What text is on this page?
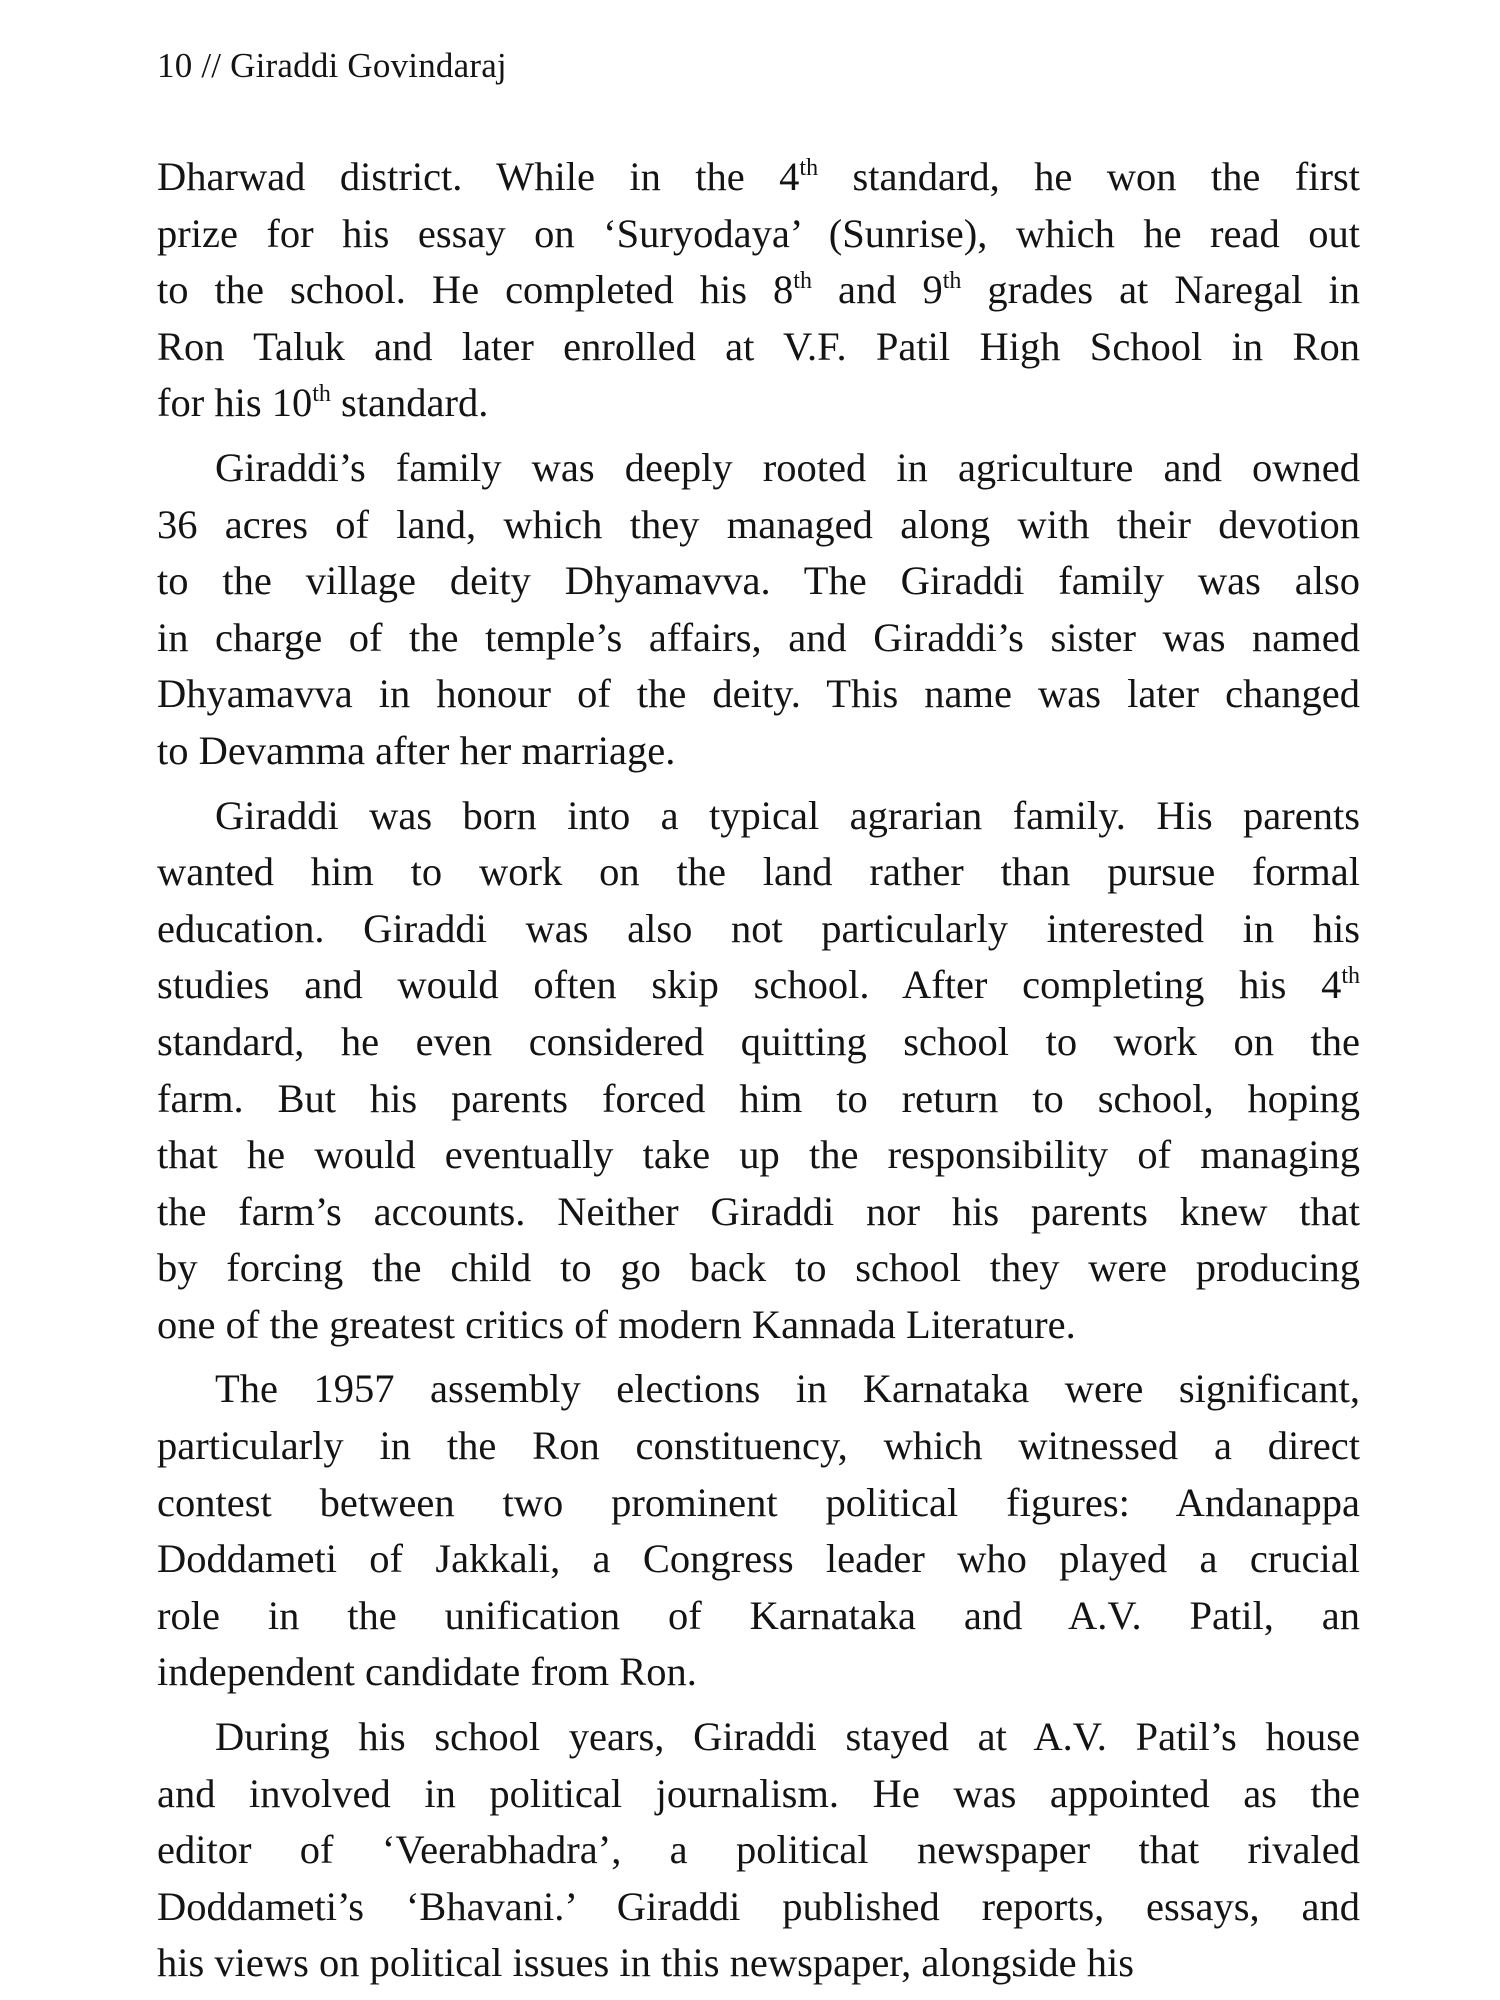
10 // Giraddi Govindaraj

Dharwad district. While in the 4th standard, he won the first
prize for his essay on ‘Suryodaya’ (Sunrise), which he read out
to the school. He completed his 8th and 9th grades at Naregal in
Ron Taluk and later enrolled at V.F. Patil High School in Ron
for his 10th standard.

Giraddi’s family was deeply rooted in agriculture and owned
36 acres of land, which they managed along with their devotion
to the village deity Dhyamavva. The Giraddi family was also
in charge of the temple’s affairs, and Giraddi’s sister was named
Dhyamavva in honour of the deity. This name was later changed
to Devamma after her marriage.

Giraddi was born into a typical agrarian family. His parents
wanted him to work on the land rather than pursue formal
education. Giraddi was also not particularly interested in his
studies and would often skip school. After completing his 4th
standard, he even considered quitting school to work on the
farm. But his parents forced him to return to school, hoping
that he would eventually take up the responsibility of managing
the farm’s accounts. Neither Giraddi nor his parents knew that
by forcing the child to go back to school they were producing
one of the greatest critics of modern Kannada Literature.

The 1957 assembly elections in Karnataka were significant,
particularly in the Ron constituency, which witnessed a direct
contest between two prominent political figures: Andanappa
Doddameti of Jakkali, a Congress leader who played a crucial
role in the unification of Karnataka and A.V. Patil, an
independent candidate from Ron.

During his school years, Giraddi stayed at A.V. Patil’s house
and involved in political journalism. He was appointed as the
editor of ‘Veerabhadra’, a political newspaper that rivaled
Doddameti’s ‘Bhavani.’ Giraddi published reports, essays, and
his views on political issues in this newspaper, alongside his
